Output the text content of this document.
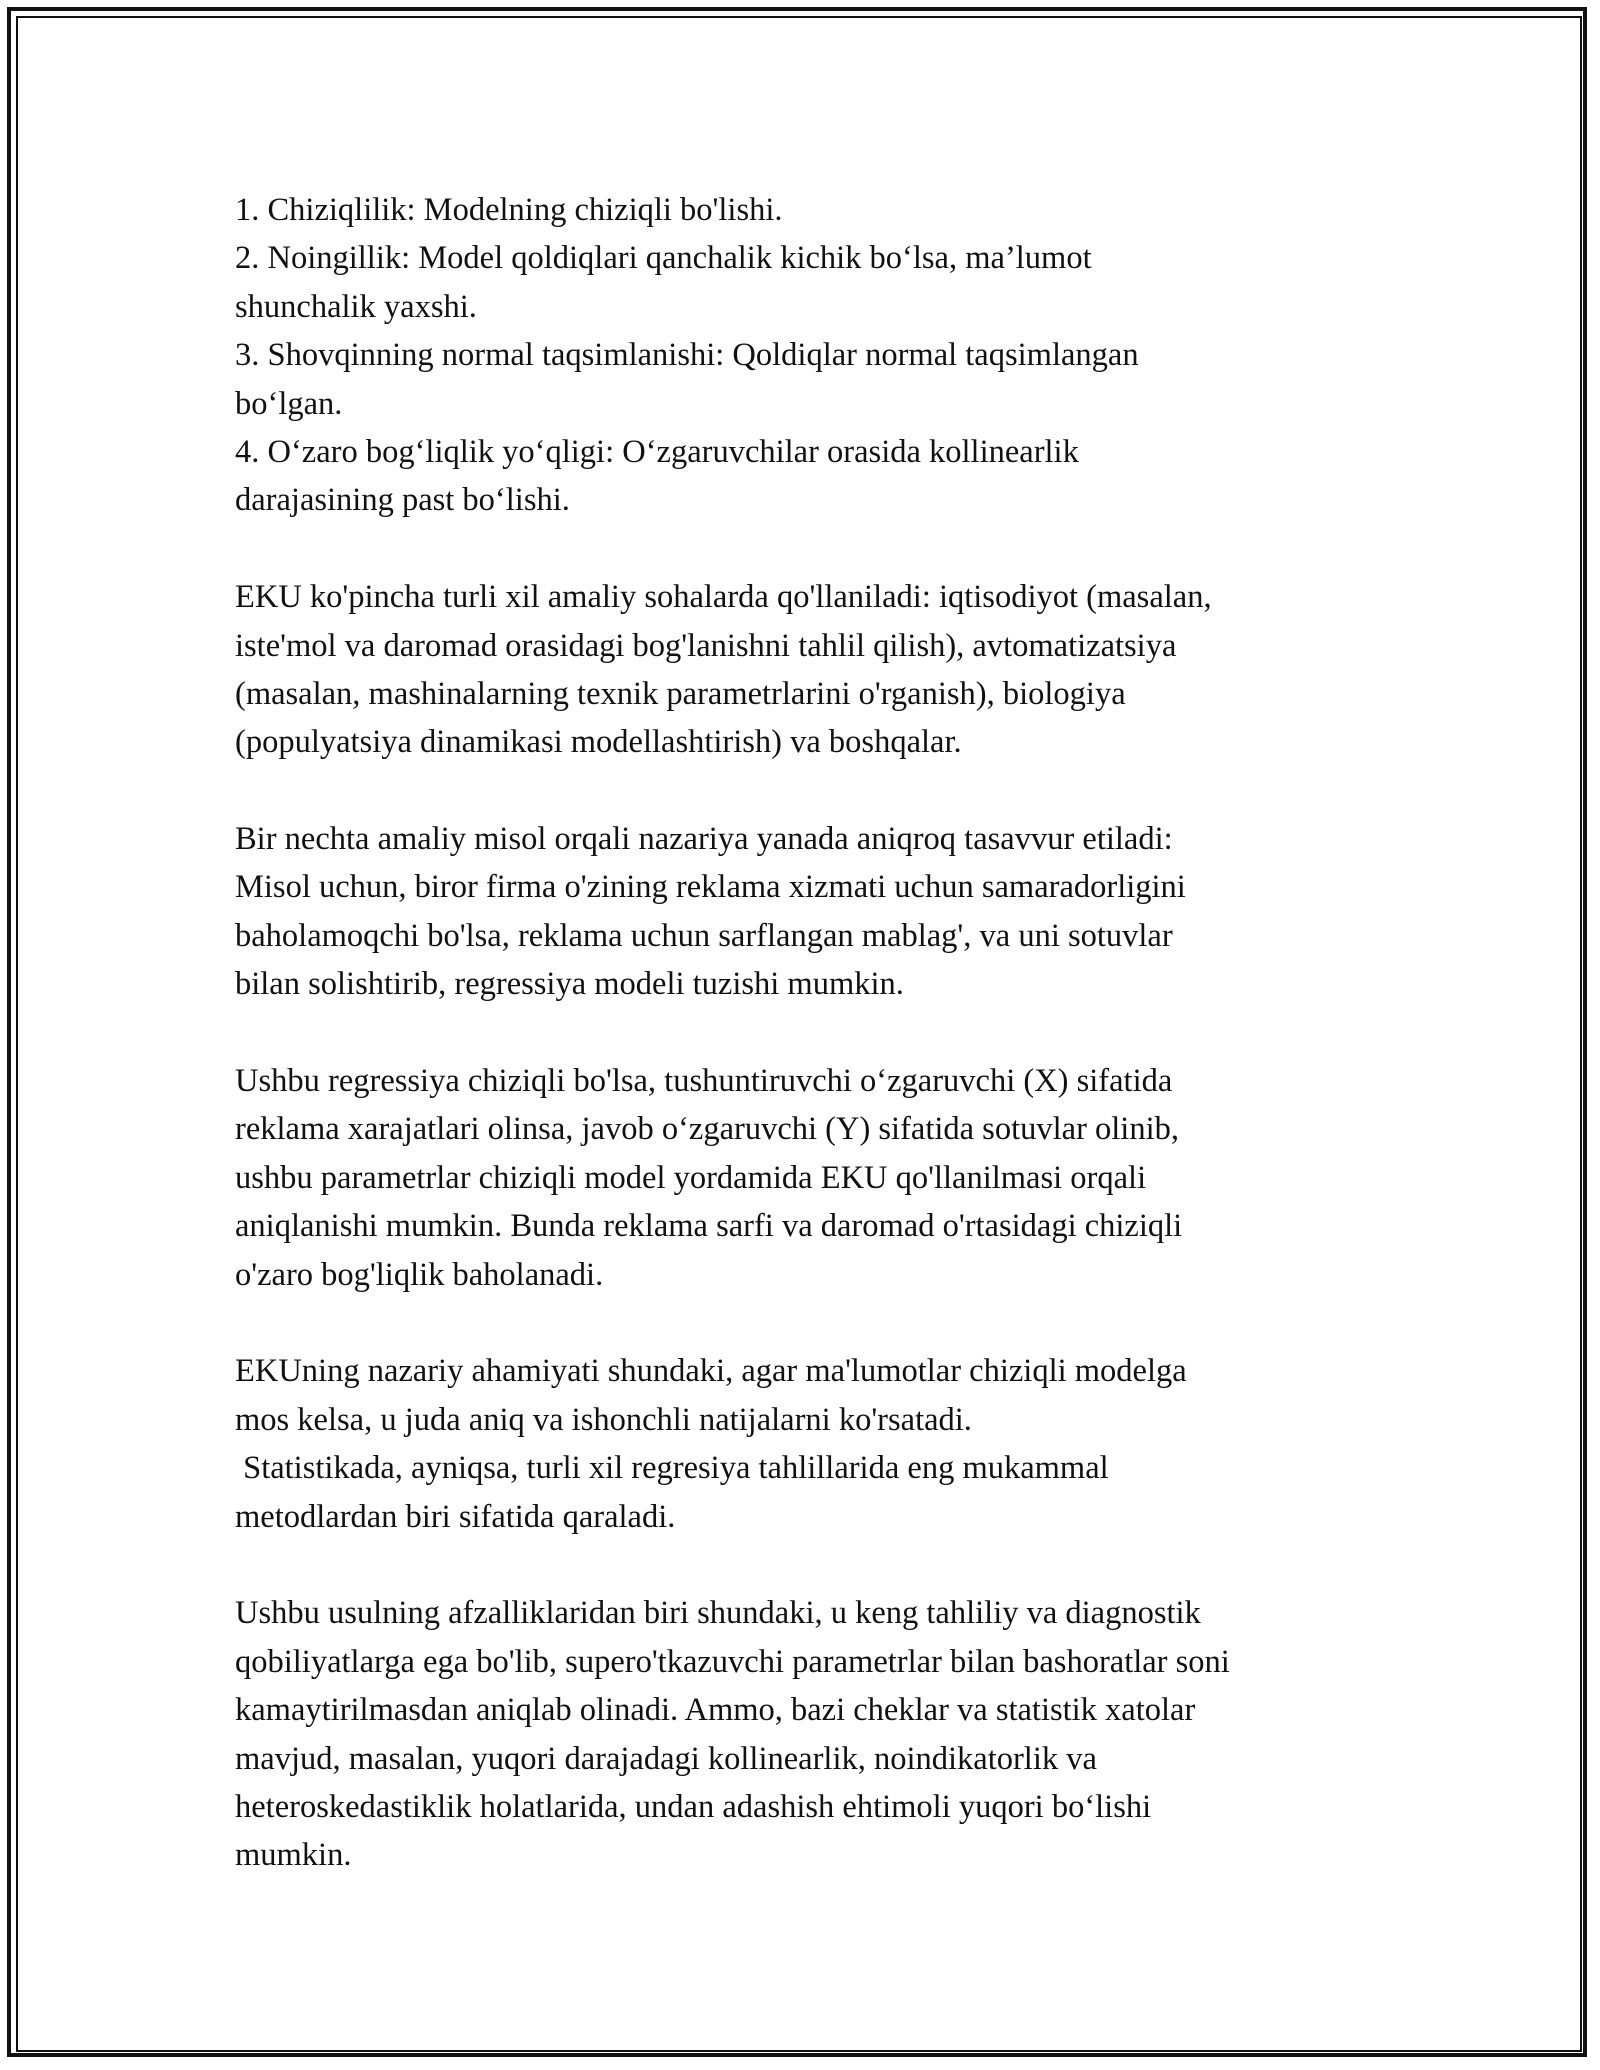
1. Chiziqlilik: Modelning chiziqli bo'lishi.
2. Noingillik: Model qoldiqlari qanchalik kichik bo‘lsa, ma’lumot
shunchalik yaxshi.
3. Shovqinning normal taqsimlanishi: Qoldiqlar normal taqsimlangan
bo‘lgan.
4. O‘zaro bog‘liqlik yo‘qligi: O‘zgaruvchilar orasida kollinearlik
darajasining past bo‘lishi.
EKU ko'pincha turli xil amaliy sohalarda qo'llaniladi: iqtisodiyot (masalan,
iste'mol va daromad orasidagi bog'lanishni tahlil qilish), avtomatizatsiya
(masalan, mashinalarning texnik parametrlarini o'rganish), biologiya
(populyatsiya dinamikasi modellashtirish) va boshqalar.
Bir nechta amaliy misol orqali nazariya yanada aniqroq tasavvur etiladi:
Misol uchun, biror firma o'zining reklama xizmati uchun samaradorligini
baholamoqchi bo'lsa, reklama uchun sarflangan mablag', va uni sotuvlar
bilan solishtirib, regressiya modeli tuzishi mumkin.
Ushbu regressiya chiziqli bo'lsa, tushuntiruvchi o‘zgaruvchi (X) sifatida
reklama xarajatlari olinsa, javob o‘zgaruvchi (Y) sifatida sotuvlar olinib,
ushbu parametrlar chiziqli model yordamida EKU qo'llanilmasi orqali
aniqlanishi mumkin. Bunda reklama sarfi va daromad o'rtasidagi chiziqli
o'zaro bog'liqlik baholanadi.
EKUning nazariy ahamiyati shundaki, agar ma'lumotlar chiziqli modelga
mos kelsa, u juda aniq va ishonchli natijalarni ko'rsatadi.
Statistikada, ayniqsa, turli xil regresiya tahlillarida eng mukammal
metodlardan biri sifatida qaraladi.
Ushbu usulning afzalliklaridan biri shundaki, u keng tahliliy va diagnostik
qobiliyatlarga ega bo'lib, supero'tkazuvchi parametrlar bilan bashoratlar soni
kamaytirilmasdan aniqlab olinadi. Ammo, bazi cheklar va statistik xatolar
mavjud, masalan, yuqori darajadagi kollinearlik, noindikatorlik va
heteroskedastiklik holatlarida, undan adashish ehtimoli yuqori bo‘lishi
mumkin.
